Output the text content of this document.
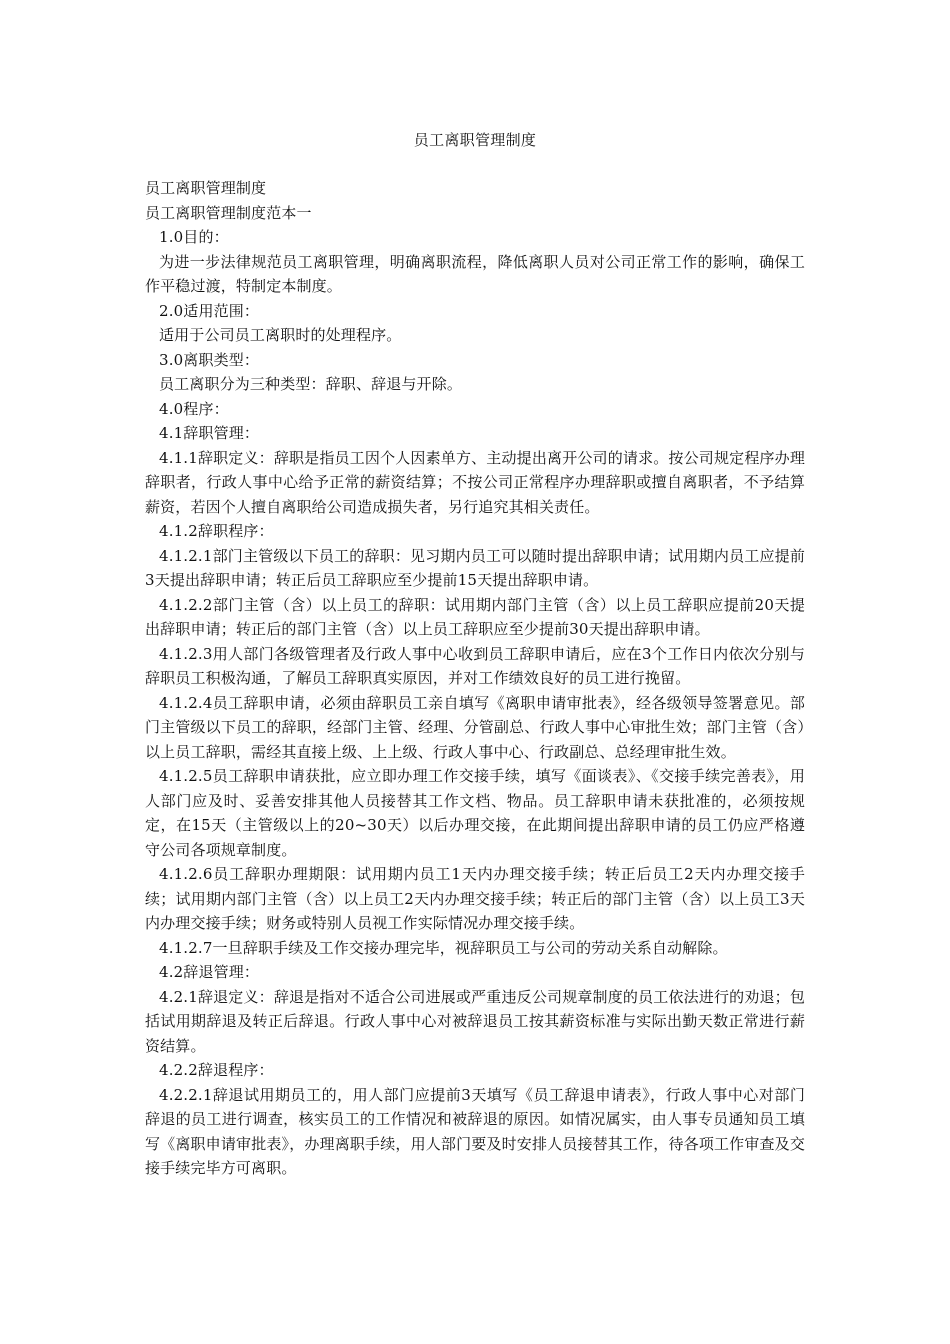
员工离职管理制度

员工离职管理制度

员工离职管理制度范本一

1.0目的：

为进一步法律规范员工离职管理，明确离职流程，降低离职人员对公司正常工作的影响，确保工作平稳过渡，特制定本制度。

2.0适用范围：

适用于公司员工离职时的处理程序。

3.0离职类型：

员工离职分为三种类型：辞职、辞退与开除。

4.0程序：

4.1辞职管理：

4.1.1辞职定义：辞职是指员工因个人因素单方、主动提出离开公司的请求。按公司规定程序办理辞职者，行政人事中心给予正常的薪资结算；不按公司正常程序办理辞职或擅自离职者，不予结算薪资，若因个人擅自离职给公司造成损失者，另行追究其相关责任。

4.1.2辞职程序：

4.1.2.1部门主管级以下员工的辞职：见习期内员工可以随时提出辞职申请；试用期内员工应提前3天提出辞职申请；转正后员工辞职应至少提前15天提出辞职申请。

4.1.2.2部门主管（含）以上员工的辞职：试用期内部门主管（含）以上员工辞职应提前20天提出辞职申请；转正后的部门主管（含）以上员工辞职应至少提前30天提出辞职申请。

4.1.2.3用人部门各级管理者及行政人事中心收到员工辞职申请后，应在3个工作日内依次分别与辞职员工积极沟通，了解员工辞职真实原因，并对工作绩效良好的员工进行挽留。

4.1.2.4员工辞职申请，必须由辞职员工亲自填写《离职申请审批表》，经各级领导签署意见。部门主管级以下员工的辞职，经部门主管、经理、分管副总、行政人事中心审批生效；部门主管（含）以上员工辞职，需经其直接上级、上上级、行政人事中心、行政副总、总经理审批生效。

4.1.2.5员工辞职申请获批，应立即办理工作交接手续，填写《面谈表》、《交接手续完善表》，用人部门应及时、妥善安排其他人员接替其工作文档、物品。员工辞职申请未获批准的，必须按规定，在15天（主管级以上的20~30天）以后办理交接，在此期间提出辞职申请的员工仍应严格遵守公司各项规章制度。

4.1.2.6员工辞职办理期限：试用期内员工1天内办理交接手续；转正后员工2天内办理交接手续；试用期内部门主管（含）以上员工2天内办理交接手续；转正后的部门主管（含）以上员工3天内办理交接手续；财务或特别人员视工作实际情况办理交接手续。

4.1.2.7一旦辞职手续及工作交接办理完毕，视辞职员工与公司的劳动关系自动解除。

4.2辞退管理：

4.2.1辞退定义：辞退是指对不适合公司进展或严重违反公司规章制度的员工依法进行的劝退；包括试用期辞退及转正后辞退。行政人事中心对被辞退员工按其薪资标准与实际出勤天数正常进行薪资结算。

4.2.2辞退程序：

4.2.2.1辞退试用期员工的，用人部门应提前3天填写《员工辞退申请表》，行政人事中心对部门辞退的员工进行调查，核实员工的工作情况和被辞退的原因。如情况属实，由人事专员通知员工填写《离职申请审批表》，办理离职手续，用人部门要及时安排人员接替其工作，待各项工作审查及交接手续完毕方可离职。
